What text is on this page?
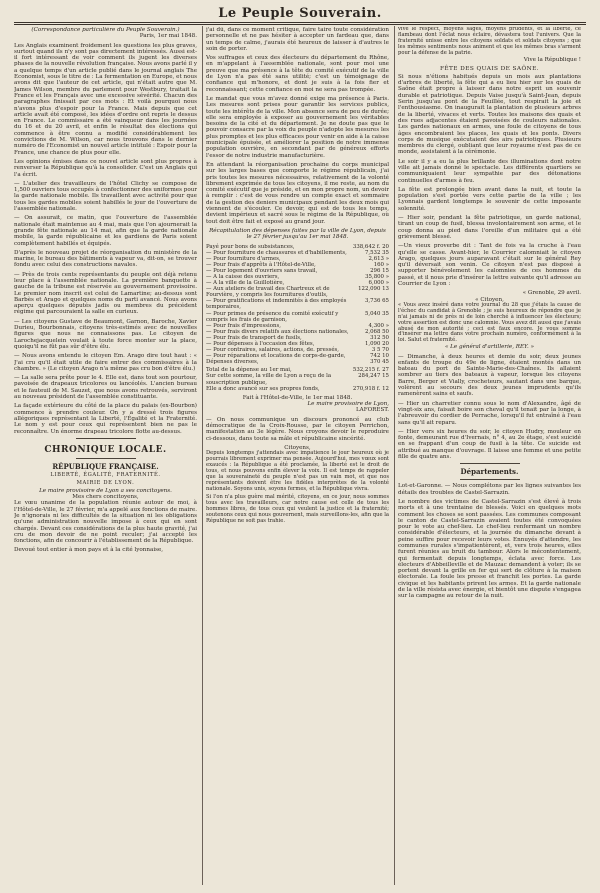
Le Peuple Souverain.
(Correspondance particulière du Peuple Souverain.)
Paris, 1er mai 1848.
Les Anglais examinent froidement les questions les plus graves, surtout quand ils n'y sont pas directement intéressés. Aussi est-il fort intéressant de voir comment ils jugent les diverses phases de la nouvelle révolution française. Nous avons parlé il y a quelque temps d'un article publié dans le journal anglais The Economist, sous le titre de : La fermentation en Europe, et nous avons dit que l'auteur de cet article, qui n'était autre que M. James Wilson, membre du parlement pour Westbury, traitait la France et les Français avec une excessive sévérité. Chacun des paragraphes finissait par ces mots : Et voilà pourquoi nous n'avons plus d'espoir pour la France. Mais depuis que cet article avait été composé, les idées d'ordre ont repris le dessus en France. Le commissaire a été vainqueur dans les journées du 16 et du 20 avril, et enfin le résultat des élections qui commence à être connu a modifié considérablement les convictions de M. Wilson, car nous trouvons dans le dernier numéro de l'Economist un nouvel article intitulé : Espoir pour la France, une chance de plus pour elle.
Les opinions émises dans ce nouvel article sont plus propres à renverser la République qu'à la consolider. C'est un Anglais qui l'a écrit.
— L'atelier des travailleurs de l'hôtel Clichy se compose de 1,500 ouvriers tous occupés à confectionner des uniformes pour la garde nationale mobile. Ils travaillent avec activité pour que tous les gardes mobiles soient habillés le jour de l'ouverture de l'assemblée nationale.
— On assurait, ce matin, que l'ouverture de l'assemblée nationale était maintenue au 4 mai, mais que l'on ajournerait la grande fête nationale au 14 mai, afin que la garde nationale mobile, la garde républicaine et les gardiens de Paris soient complètement habillés et équipés.
D'après le nouveau projet de réorganisation du ministère de la marine, le bureau des bâtiments à vapeur va, dit-on, se trouver fondu avec celui des constructions navales.
— Près de trois cents représentants du peuple ont déjà retenu leur place à l'assemblée nationale. La première banquette à gauche de la tribune est réservée au gouvernement provisoire. Le premier nom inscrit est celui de Lamartine; au-dessus sont Barbès et Arago et quelques noms du parti avancé. Nous avons aperçu quelques députés jadis ou membres du précédent régime qui parcouraient la salle en curieux.
— Les citoyens Gustave de Beaumont, Garnon, Baroche, Xavier Durieu, Bourbonnais, citoyens très-estimés avec de nouvelles figures que nous ne connaissons pas. Le citoyen de Larochejacquelein voulait à toute force monter sur la place, quoiqu'il ne fût pas sûr d'être élu.
— Nous avons entendu le citoyen Em. Arago dire tout haut : « J'ai cru qu'il était utile de faire entrer des commissaires à la chambre. » (Le citoyen Arago n'a même pas cru bon d'être élu.)
— La salle sera prête pour le 4. Elle est, dans tout son pourtour, pavoisée de drapeaux tricolores ou lancéolés. L'ancien bureau et le fauteuil de M. Sauzet, que nous avons retrouvés, serviront au nouveau président de l'assemblée constituante.
La façade extérieure du côté de la place du palais (ex-Bourbon) commence à prendre couleur. On y a dressé trois figures allégoriques représentant la Liberté, l'Égalité et la Fraternité. Le nom y est pour ceux qui représentent bien ne pas le reconnaître. Un énorme drapeau tricolore flotte au-dessus.
CHRONIQUE LOCALE.
RÉPUBLIQUE FRANÇAISE.
LIBERTÉ, ÉGALITÉ, FRATERNITÉ.
MAIRIE DE LYON.
Le maire provisoire de Lyon a ses concitoyens.
Mes chers concitoyens,
Le vœu unanime de la population réunie autour de moi, à l'Hôtel-de-Ville, le 27 février, m'a appelé aux fonctions de maire. Je n'ignorais ni les difficultés de la situation ni les obligations qu'une administration nouvelle impose à ceux qui en sont chargés. Devant ces considérations de la plus haute gravité, j'ai cru de mon devoir de ne point reculer; j'ai accepté les fonctions, afin de concourir à l'établissement de la République.
Devoué tout entier à mon pays et à la cité lyonnaise,
j'ai dû, dans ce moment critique, faire taire toute considération personnelle et ne pas hésiter à accepter un fardeau que, dans un temps de calme, j'aurais été heureux de laisser à d'autres le soin de porter.
Vos suffrages et ceux des électeurs du département du Rhône, en m'appelant à l'assemblée nationale, sont pour moi une preuve que ma présence à la tête du comité exécutif de la ville de Lyon n'a pas été sans utilité; c'est un témoignage de confiance qui m'honore, et dont je suis à la fois fier et reconnaissant; cette confiance en moi ne sera pas trompée.
Le mandat que vous m'avez donné exige ma présence à Paris. Les mesures sont prises pour garantir les services publics, toute les intérêts de la ville. Mon absence sera de peu de durée; elle sera employée à exposer au gouvernement les véritables besoins de la cité et du département. Je ne doute pas que le pouvoir consacre par la voix du peuple n'adopte les mesures les plus promptes et les plus efficaces pour venir en aide à la caisse municipale épuisée, et améliorer la position de notre immense population ouvrière, en secondant par de généreux efforts l'essor de notre industrie manufacturière.
En attendant la réorganisation prochaine du corps municipal sur les larges bases que comporte le régime républicain, j'ai pris toutes les mesures nécessaires, relativement de la volonté librement exprimée de tous les citoyens, il me reste, au nom du comité exécutif que je préside, et en mon propre nom, un devoir à remplir : c'est de vous rendre un compte exact et sommaire de la gestion des deniers municipaux pendant les deux mois qui viennent de s'écouler. Ce devoir, qui est de tous les temps, devient impérieux et sacré sous le régime de la République, où tout doit être fait et exposé au grand jour.
Récapitulation des dépenses faites par la ville de Lyon, depuis le 27 février jusqu'au 1er mai 1848.
Payé pour bons de subsistances,	338,642 f. 20
— Pour fourniture de chaussures et d'habillements,	7,532 35
— Pour fourniture d'armes,	2,613 »
— Pour frais d'apprêts à l'Hôtel-de-Ville,	160 »
— Pour logement d'ouvriers sans travail,	296 15
— A la caisse des ouvriers,	35,800 »
— A la ville de la Guillotière,	6,000 »
— Aux ateliers de travail des Chartreux et de Fourvière, y compris les fournitures d'outils,
122,090 13
— Pour gratifications et indemnités à des employés temporaires,
3,736 65
— Pour primes de présence du comité exécutif y compris les frais de garnison,
5,040 35
— Pour frais d'impressions,	4,300 »
— Pour frais divers relatifs aux élections nationales,	2,068 50
— Pour frais de transport de fusils,	312 50
— Pour dépenses à l'occasion des fêtes,	1,090 20
— Pour contraires, salaires, actions, de. pressés,	3 5 70
— Pour réparations et locations de corps-de-garde,	742 10
Dépenses diverses,	370 45
Total de la dépense au 1er mai,	532,215 f. 27
Sur cette somme, la ville de Lyon a reçu de la souscription publique,
284,247 15
Elle a donc avancé sur ses propres fonds,	270,918 f. 12
Fait à l'Hôtel-de-Ville, le 1er mai 1848.
Le maire provisoire de Lyon,
LAFOREST.
— On nous communique un discours prononcé au club démocratique de la Croix-Rousse, par le citoyen Perrichon, manifestation au 3e légère. Nous croyons devoir le reproduire ci-dessous, dans toute sa mâle et républicaine sincérité.
Citoyens,
Depuis longtemps j'attendais avec impatience le jour heureux où je pourrais librement exprimer ma pensée. Aujourd'hui, mes vœux sont exaucés : la République a été proclamée, la liberté est le droit de tous, et nous pouvons enfin élever la voix. Il est temps de rappeler que la souveraineté du peuple n'est pas un vain mot, et que nos représentants doivent être les fidèles interprètes de la volonté nationale. Soyons unis, soyons fermes, et la République vivra.
Si l'on n'a plus guère mal mérité, citoyens, en ce jour, nous sommes tous avec les travailleurs, car notre cause est celle de tous les hommes libres, de tous ceux qui veulent la justice et la fraternité; soutenons ceux qui nous gouvernent, mais surveillons-les, afin que la République ne soit pas trahie.
vive le respect, moyens sages, moyens prudents, et la liberté, ce flambeau dont l'éclat nous éclaire, dévastera tout l'univers. Que la fraternité unisse entre les citoyens soldats et soldats citoyens ; que les mêmes sentiments nous animent et que les mêmes bras s'arment pour la défense de la patrie.
Vive la République !
FÊTE DES QUAIS DE SAÔNE.
Si nous n'étions habitués depuis un mois aux plantations d'arbres de liberté, la fête qui a eu lieu hier sur les quais de Saône était propre à laisser dans notre esprit un souvenir durable et patriotique. Depuis Vaise jusqu'à Saint-Jean, depuis Serin jusqu'au pont de la Feuillée, tout respirait la joie et l'enthousiasme. On inaugurait la plantation de plusieurs arbres de la liberté, vivaces et verts. Toutes les maisons des quais et des rues adjacentes étaient pavoisées de couleurs nationales. Les gardes nationaux en armes, une foule de citoyens de tous âges encombraient les places, les quais et les ponts. Divers corps de musique exécutaient des airs patriotiques. Plusieurs membres du clergé, oubliant que leur royaume n'est pas de ce monde, assistaient à la cérémonie.
Le soir il y a eu la plus brillante des illuminations dont notre ville ait jamais donné le spectacle. Les différents quartiers se communiquaient leur sympathie par des détonations continuelles d'armes à feu.
La fête est prolongée bien avant dans la nuit, et toute la population s'est portée vers cette partie de la ville ; les Lyonnais gardent longtemps le souvenir de cette imposante solennité.
— Hier soir, pendant la fête patriotique, un garde national, tirant un coup de fusil, blessa involontairement son arme, et le coup donna au pied dans l'oreille d'un militaire qui a été grièvement blessé.
—Un vieux proverbe dit : Tant de fois va la cruche à l'eau qu'elle se casse. Avant-hier, le Courrier calomniait le citoyen Arago, quelques jours auparavant c'était sur le général Rey qu'il déversait son venin. Ce citoyen n'est pas disposé à supporter bénévolement les calomnies de ces hommes du passé, et il nous prie d'insérer la lettre suivante qu'il adresse au Courrier de Lyon :
« Grenoble, 29 avril.
« Citoyen,
« Vous avez inséré dans votre journal du 28 que j'étais la cause de l'échec du candidat à Grenoble ; je suis heureux de répondre que je n'ai jamais ni de près ni de loin cherché à influencer les électeurs; votre assertion est donc une calomnie. Vous avez dit aussi que j'avais abusé de mon autorité ; ceci est faux encore. Je vous somme d'insérer ma lettre dans votre prochain numéro, conformément à la loi. Salut et fraternité.
« Le général d'artillerie, REY. »
— Dimanche, à deux heures et demie du soir, deux jeunes enfants de troupe du 49e de ligne, étaient montés dans un bateau du port de Sainte-Marie-des-Chaînes. Ils allaient sombrer au tiers des bateaux à vapeur, lorsque les citoyens Barre, Berger et Vially, crocheteurs, sautant dans une barque, volèrent au secours des deux jeunes imprudents qu'ils ramenèrent sains et saufs.
— Hier un charretier connu sous le nom d'Alexandre, âgé de vingt-six ans, faisait boire son cheval qu'il tenait par la longe, à l'abreuvoir du cordier de Perrache, lorsqu'il fut entraîné à l'eau sans qu'il ait reparu.
— Hier vers six heures du soir, le citoyen Hudry, mouleur en fonte, demeurant rue d'Ivernais, n° 4, au 2e étage, s'est suicidé en se frappant d'un coup de fusil à la tête. Ce suicide est attribué au manque d'ouvrage. Il laisse une femme et une petite fille de quatre ans.
Départements.
Lot-et-Garonne. — Nous complétons par les lignes suivantes les détails des troubles de Castel-Sarrazin.
Le nombre des victimes de Castel-Sarrazin s'est élevé à trois morts et à une trentaine de blessés. Voici en quelques mots comment les choses se sont passées. Les communes composant le canton de Castel-Sarrazin avaient toutes été convoquées pour le vote au chef-lieu. Le chef-lieu renfermant un nombre considérable d'électeurs, et la journée du dimanche devant à peine suffire pour recevoir leurs votes. Ennuyés d'attendre, les communes rurales s'impatientèrent, et, vers trois heures, elles furent réunies au bruit du tambour. Alors le mécontentement, qui fermentait depuis longtemps, éclata avec force. Les électeurs d'Abbeilleville et de Mauzac demandent à voter; ils se portent devant la grille en fer qui sert de clôture à la maison électorale. La foule les presse et franchit les portes. La garde civique et les habitants prirent les armes. Et la garde nationale de la ville résista avec énergie, et bientôt une dispute s'engagea sur la campagne au retour de la nuit.
